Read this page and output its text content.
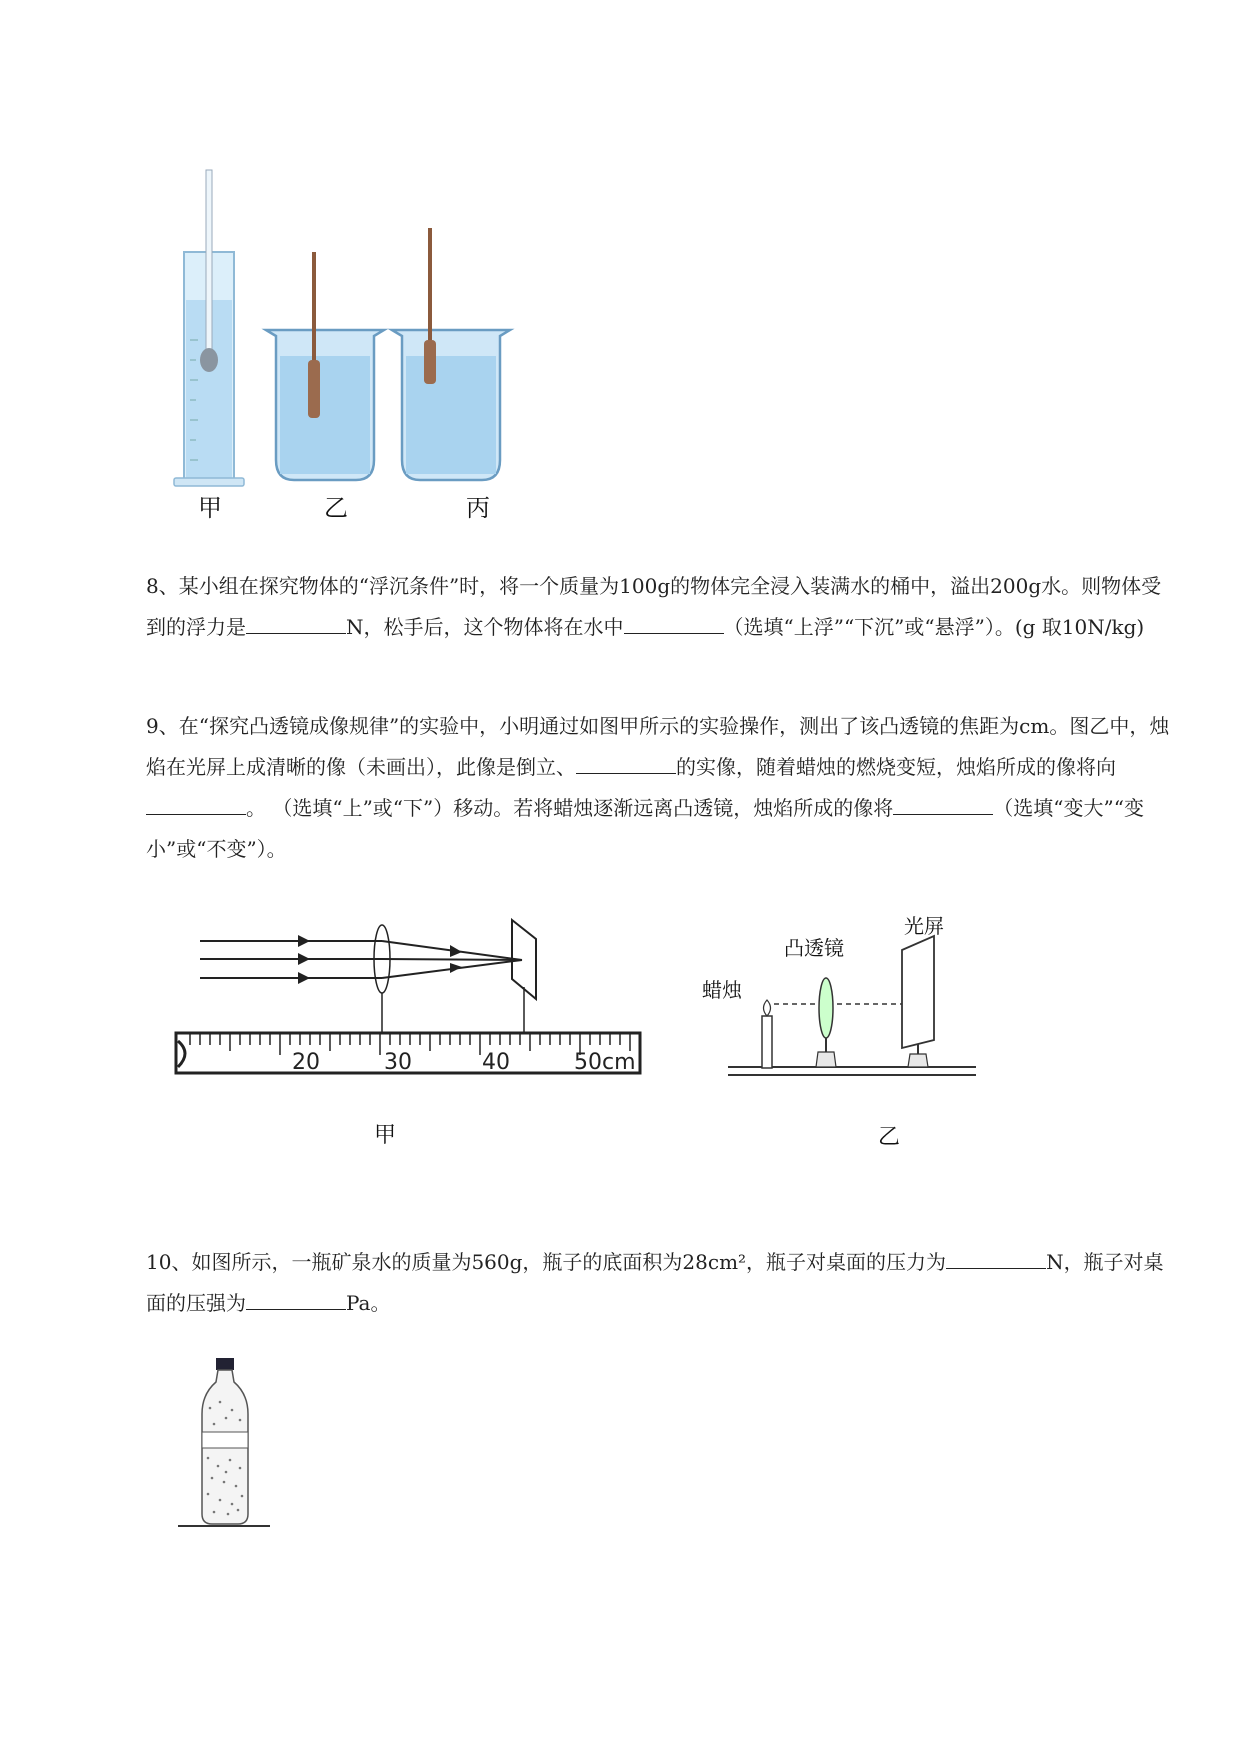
甲	乙	丙
8、某小组在探究物体的“浮沉条件”时，将一个质量为100g的物体完全浸入装满水的桶中，溢出200g水。则物体受到的浮力是	N，松手后，这个物体将在水中	（选填“上浮”“下沉”或“悬浮”）。(g 取10N/kg)
9、在“探究凸透镜成像规律”的实验中，小明通过如图甲所示的实验操作，测出了该凸透镜的焦距为cm。图乙中，烛焰在光屏上成清晰的像（未画出），此像是倒立、	的实像，随着蜡烛的燃烧变短，烛焰所成的像将向。 （选填“上”或“下”）移动。若将蜡烛逐渐远离凸透镜，烛焰所成的像将	（选填“变大”“变小”或“不变”）。
20	30	40	50cm
甲
蜡烛
凸透镜
光屏
乙
10、如图所示，一瓶矿泉水的质量为560g，瓶子的底面积为28cm²，瓶子对桌面的压力为	N，瓶子对桌面的压强为	Pa。
